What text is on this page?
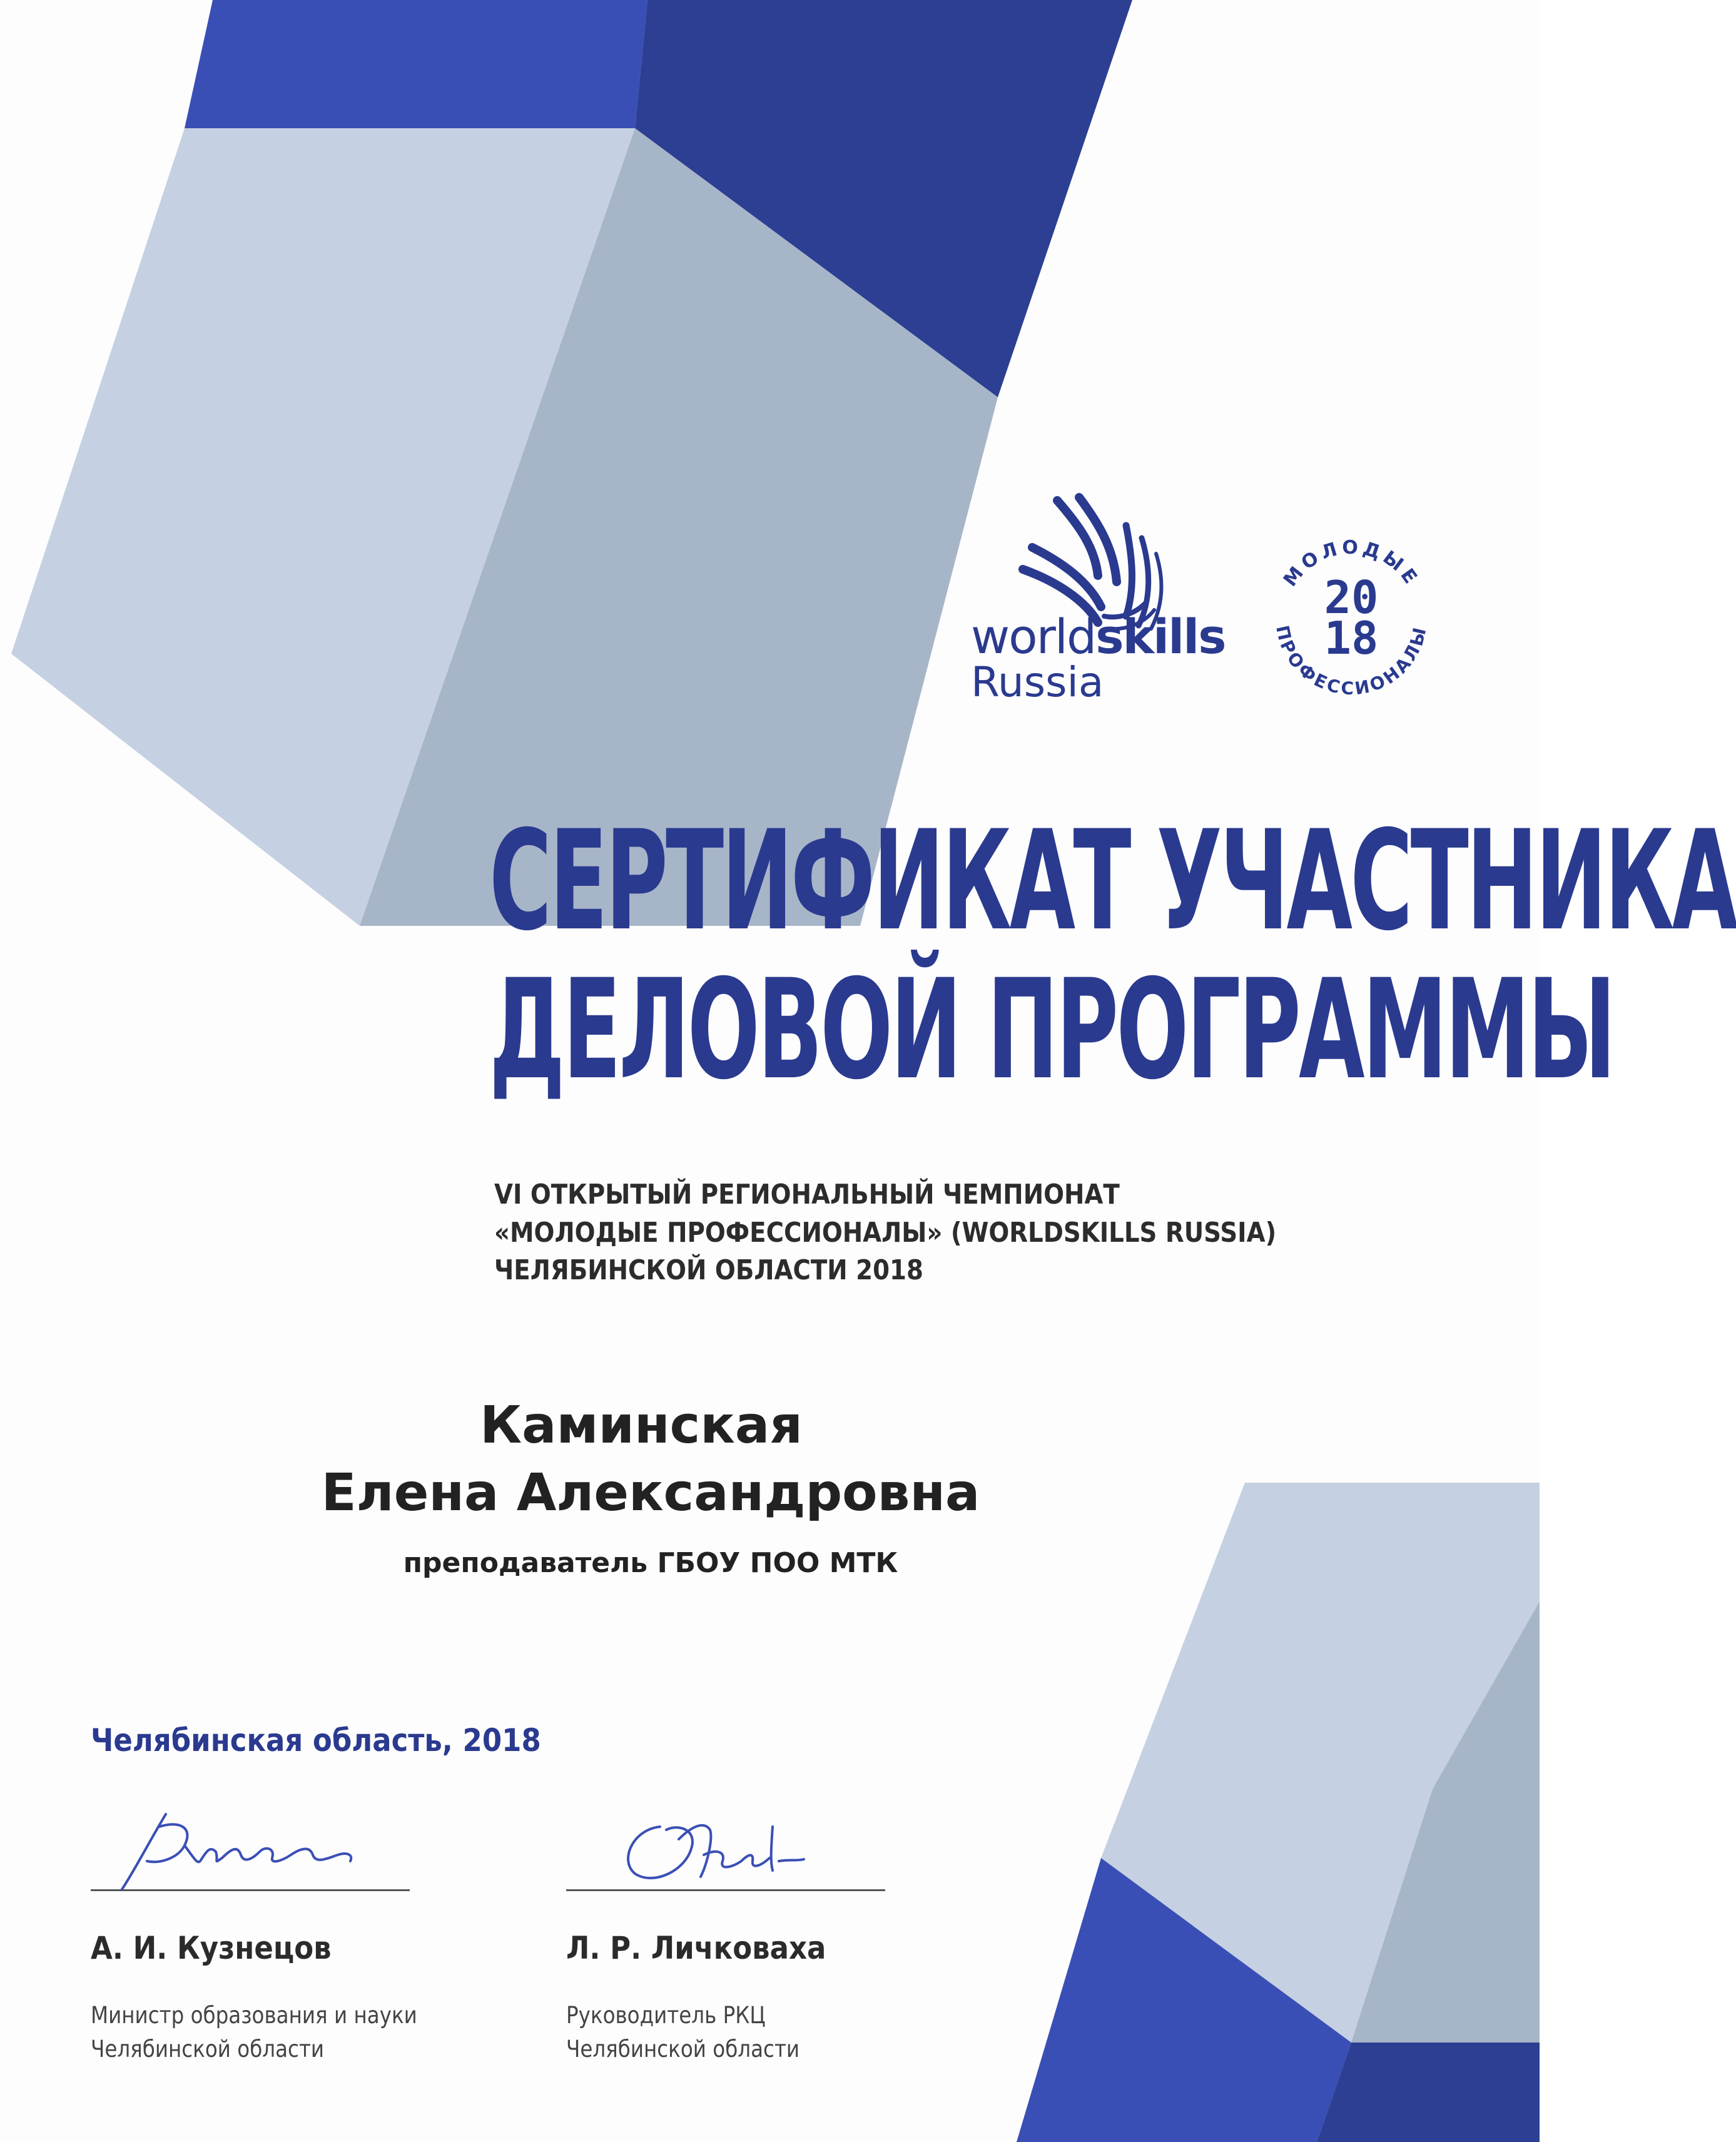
worldskills
Russia
МОЛОДЫЕ
ПРОФЕССИОНАЛЫ
20
18
СЕРТИФИКАТ УЧАСТНИКА
ДЕЛОВОЙ ПРОГРАММЫ
VI ОТКРЫТЫЙ РЕГИОНАЛЬНЫЙ ЧЕМПИОНАТ
«МОЛОДЫЕ ПРОФЕССИОНАЛЫ» (WORLDSKILLS RUSSIA)
ЧЕЛЯБИНСКОЙ ОБЛАСТИ 2018
Каминская
Елена Александровна
преподаватель ГБОУ ПОО МТК
Челябинская область, 2018
А. И. Кузнецов
Министр образования и науки
Челябинской области
Л. Р. Личковаха
Руководитель РКЦ
Челябинской области
